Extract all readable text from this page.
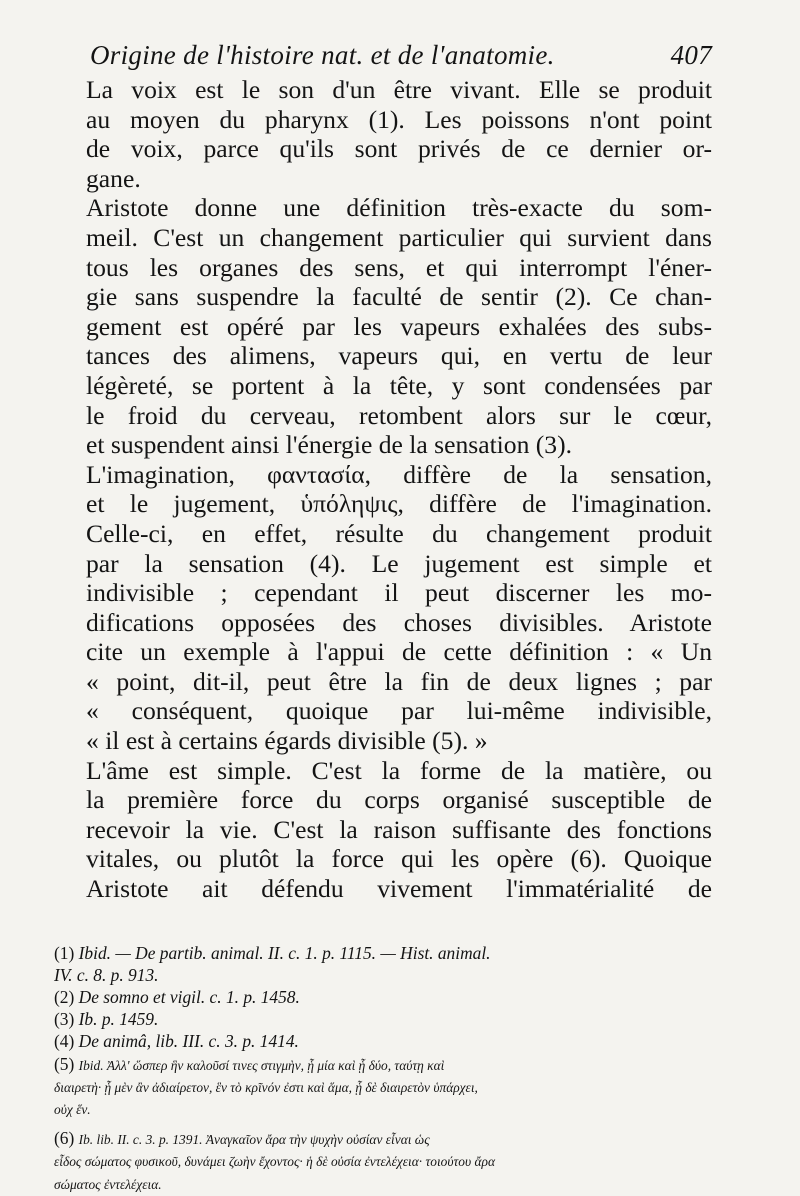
Origine de l'histoire nat. et de l'anatomie.	407

La voix est le son d'un être vivant. Elle se produit
au moyen du pharynx (1). Les poissons n'ont point
de voix, parce qu'ils sont privés de ce dernier or-
gane.

Aristote donne une définition très-exacte du som-
meil. C'est un changement particulier qui survient dans
tous les organes des sens, et qui interrompt l'éner-
gie sans suspendre la faculté de sentir (2). Ce chan-
gement est opéré par les vapeurs exhalées des subs-
tances des alimens, vapeurs qui, en vertu de leur
légèreté, se portent à la tête, y sont condensées par
le froid du cerveau, retombent alors sur le cœur,
et suspendent ainsi l'énergie de la sensation (3).

L'imagination, φαντασία, diffère de la sensation,
et le jugement, ὑπόληψις, diffère de l'imagination.
Celle-ci, en effet, résulte du changement produit
par la sensation (4). Le jugement est simple et
indivisible ; cependant il peut discerner les mo-
difications opposées des choses divisibles. Aristote
cite un exemple à l'appui de cette définition : « Un
« point, dit-il, peut être la fin de deux lignes ; par
« conséquent, quoique par lui-même indivisible,
« il est à certains égards divisible (5). »

L'âme est simple. C'est la forme de la matière, ou
la première force du corps organisé susceptible de
recevoir la vie. C'est la raison suffisante des fonctions
vitales, ou plutôt la force qui les opère (6). Quoique
Aristote ait défendu vivement l'immatérialité de

(1) Ibid. — De partib. animal. II. c. 1. p. 1115. — Hist. animal.
IV. c. 8. p. 913.
(2) De somno et vigil. c. 1. p. 1458.
(3) Ib. p. 1459.
(4) De animâ, lib. III. c. 3. p. 1414.
(5) Ibid. Ἀλλ' ὥσπερ ἣν καλοῦσί τινες στιγμὴν, ᾗ μία καὶ ᾗ δύο, ταύτῃ καὶ
διαιρετὴ· ᾗ μὲν ἂν ἀδιαίρετον, ἓν τὸ κρῖνόν ἐστι καὶ ἅμα, ᾗ δὲ διαιρετὸν ὑπάρχει,
οὐχ ἕν.
(6) Ib. lib. II. c. 3. p. 1391. Ἀναγκαῖον ἄρα τὴν ψυχὴν οὐσίαν εἶναι ὡς
εἶδος σώματος φυσικοῦ, δυνάμει ζωὴν ἔχοντος· ἡ δὲ οὐσία ἐντελέχεια· τοιούτου ἄρα
σώματος ἐντελέχεια.
